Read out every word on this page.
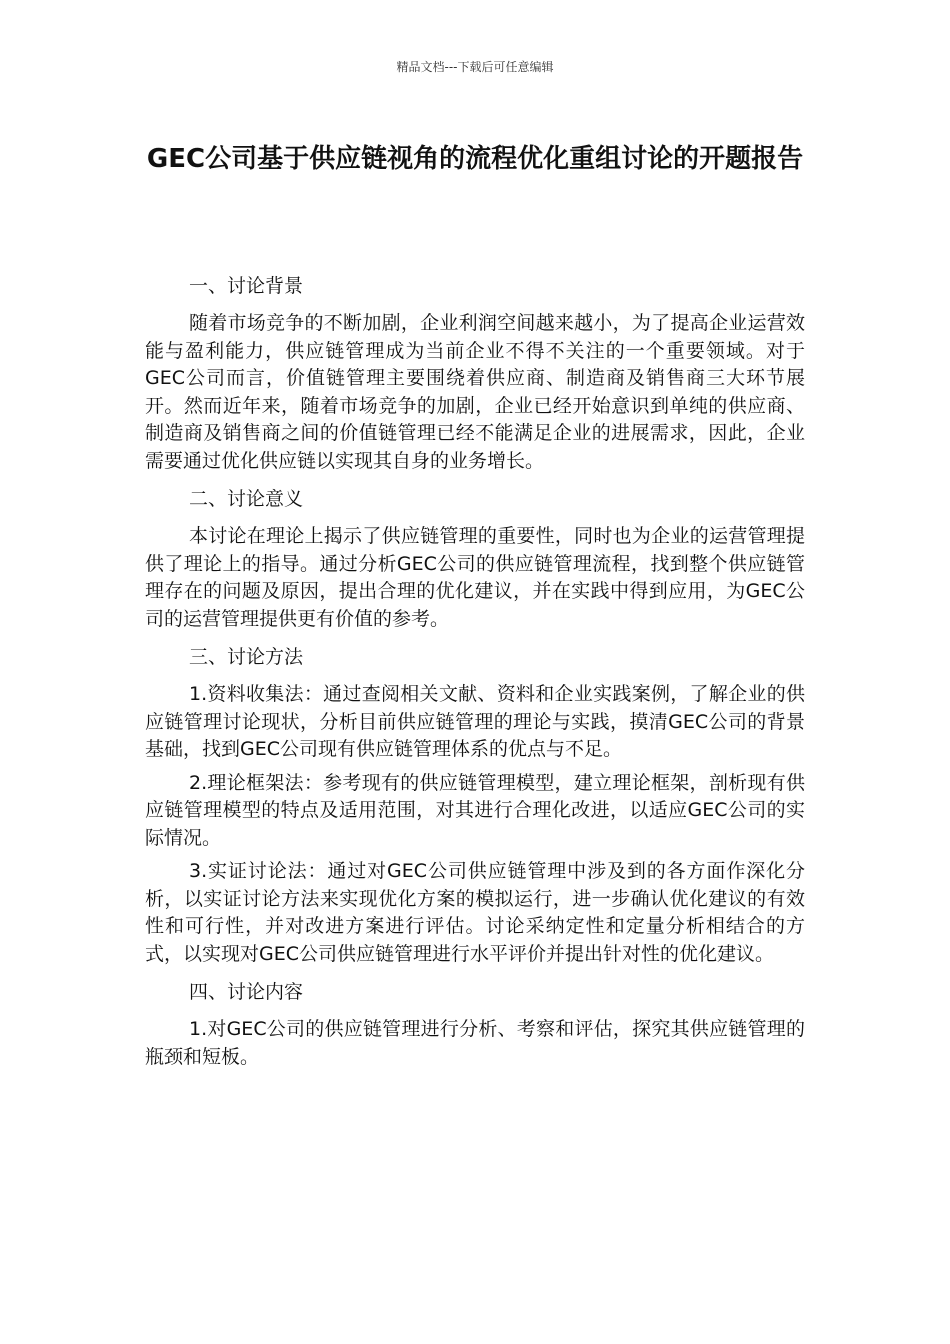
精品文档---下载后可任意编辑
GEC公司基于供应链视角的流程优化重组讨论的开题报告
一、讨论背景

随着市场竞争的不断加剧，企业利润空间越来越小，为了提高企业运营效能与盈利能力，供应链管理成为当前企业不得不关注的一个重要领域。对于GEC公司而言，价值链管理主要围绕着供应商、制造商及销售商三大环节展开。然而近年来，随着市场竞争的加剧，企业已经开始意识到单纯的供应商、制造商及销售商之间的价值链管理已经不能满足企业的进展需求，因此，企业需要通过优化供应链以实现其自身的业务增长。

二、讨论意义

本讨论在理论上揭示了供应链管理的重要性，同时也为企业的运营管理提供了理论上的指导。通过分析GEC公司的供应链管理流程，找到整个供应链管理存在的问题及原因，提出合理的优化建议，并在实践中得到应用，为GEC公司的运营管理提供更有价值的参考。

三、讨论方法

1.资料收集法：通过查阅相关文献、资料和企业实践案例，了解企业的供应链管理讨论现状，分析目前供应链管理的理论与实践，摸清GEC公司的背景基础，找到GEC公司现有供应链管理体系的优点与不足。

2.理论框架法：参考现有的供应链管理模型，建立理论框架，剖析现有供应链管理模型的特点及适用范围，对其进行合理化改进，以适应GEC公司的实际情况。

3.实证讨论法：通过对GEC公司供应链管理中涉及到的各方面作深化分析，以实证讨论方法来实现优化方案的模拟运行，进一步确认优化建议的有效性和可行性，并对改进方案进行评估。讨论采纳定性和定量分析相结合的方式，以实现对GEC公司供应链管理进行水平评价并提出针对性的优化建议。

四、讨论内容

1.对GEC公司的供应链管理进行分析、考察和评估，探究其供应链管理的瓶颈和短板。
